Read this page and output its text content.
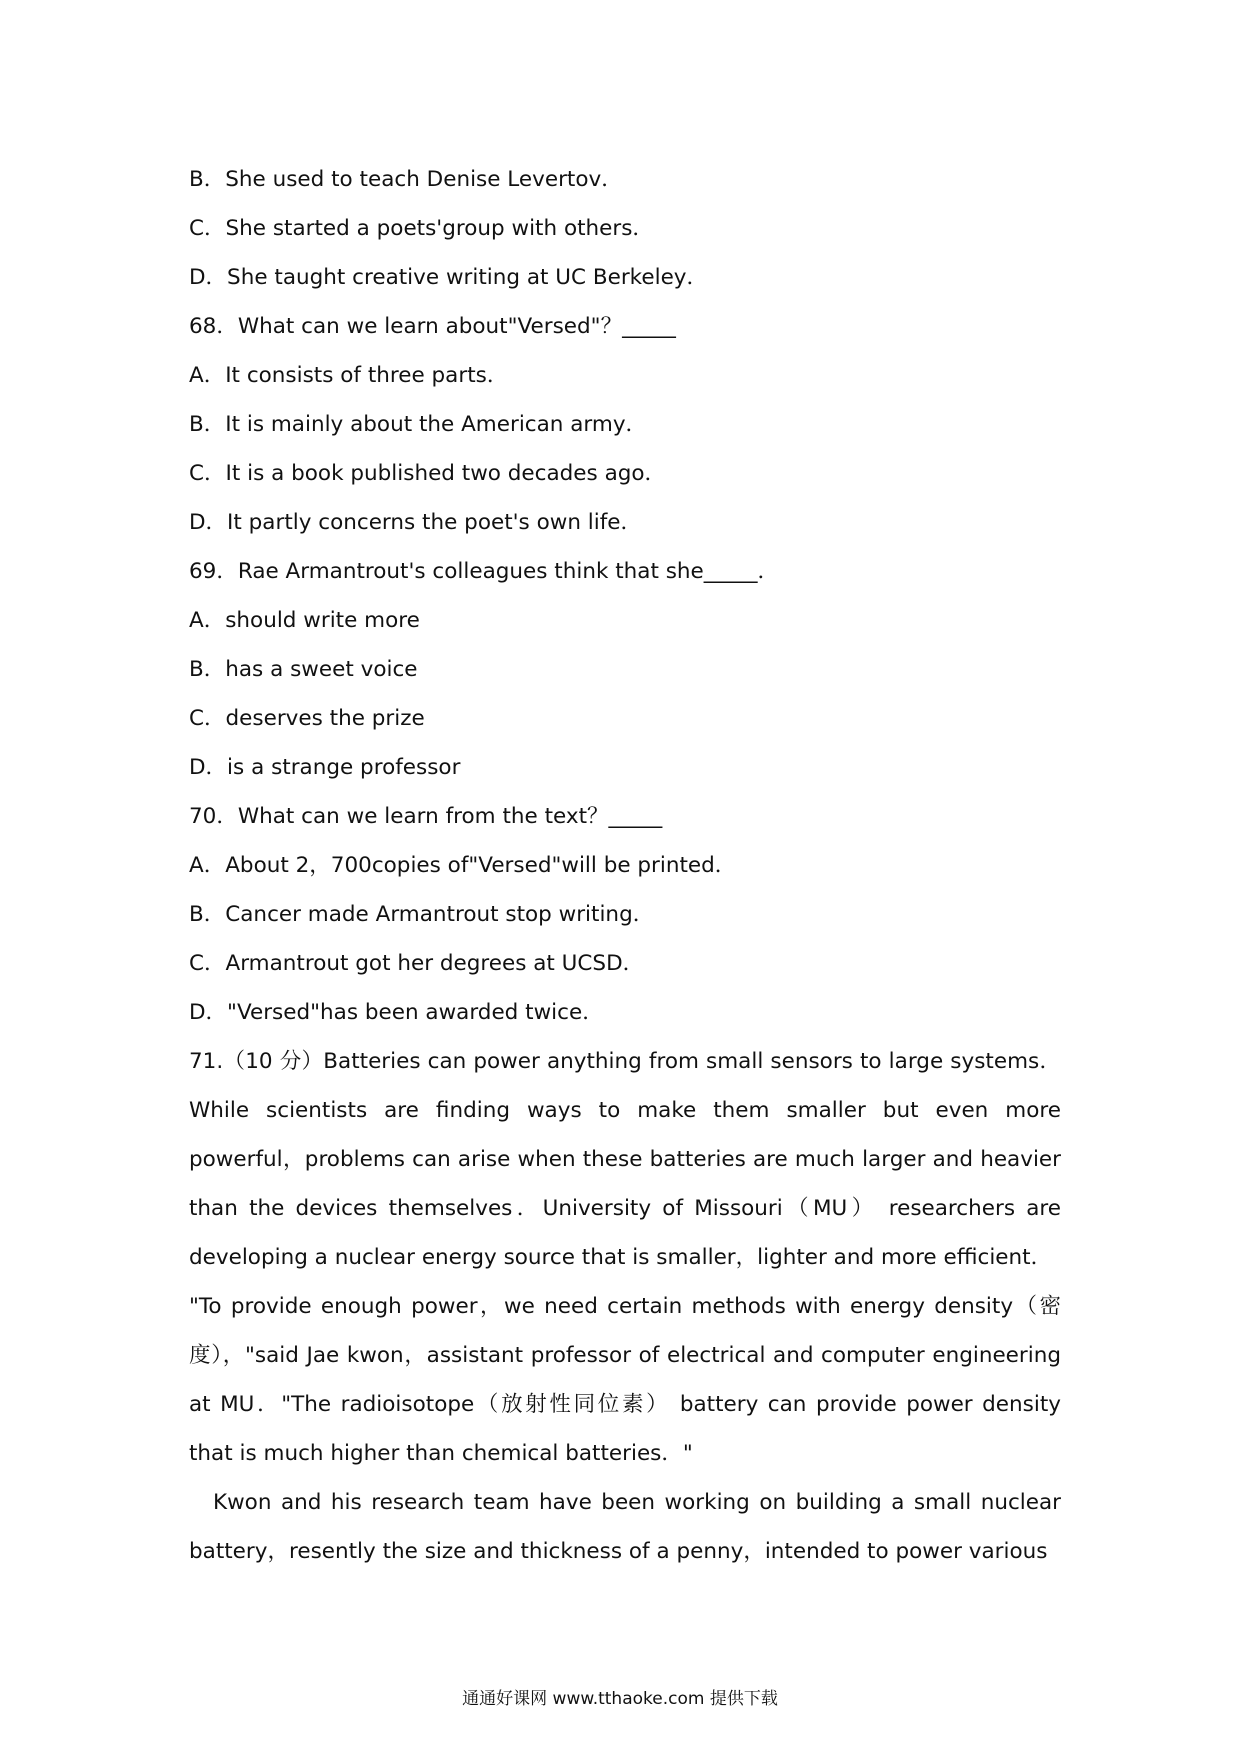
B．She used to teach Denise Levertov．
C．She started a poets'group with others．
D．She taught creative writing at UC Berkeley．
68．What can we learn about"Versed"？_____
A．It consists of three parts．
B．It is mainly about the American army．
C．It is a book published two decades ago．
D．It partly concerns the poet's own life．
69．Rae Armantrout's colleagues think that she_____．
A．should write more
B．has a sweet voice
C．deserves the prize
D．is a strange professor
70．What can we learn from the text？_____
A．About 2，700copies of"Versed"will be printed．
B．Cancer made Armantrout stop writing．
C．Armantrout got her degrees at UCSD．
D．"Versed"has been awarded twice．
71.（10 分）Batteries can power anything from small sensors to large systems．While scientists are finding ways to make them smaller but even more powerful，problems can arise when these batteries are much larger and heavier than the devices themselves．University of Missouri（MU） researchers are developing a nuclear energy source that is smaller，lighter and more efficient．
"To provide enough power，we need certain methods with energy density（密度），"said Jae kwon，assistant professor of electrical and computer engineering at MU．"The radioisotope（放射性同位素） battery can provide power density that is much higher than chemical batteries．"
Kwon and his research team have been working on building a small nuclear battery，resently the size and thickness of a penny，intended to power various
通通好课网 www.tthaoke.com 提供下载
